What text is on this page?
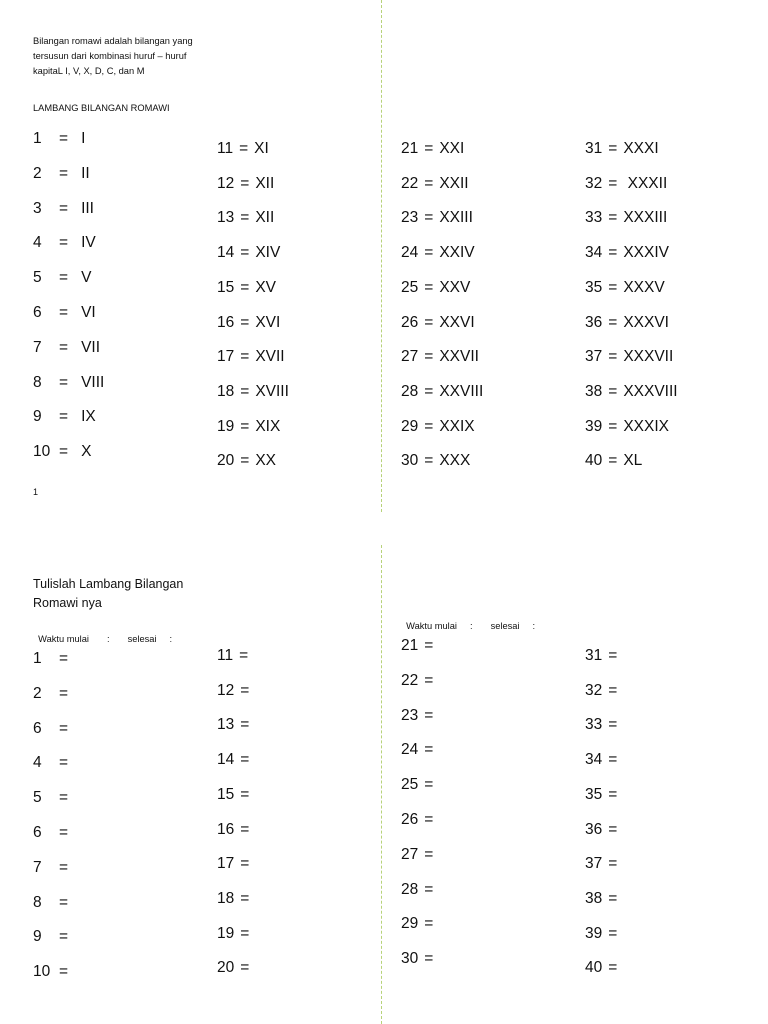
Bilangan romawi adalah bilangan yang tersusun dari kombinasi huruf – huruf kapitaL I, V, X, D, C, dan M

LAMBANG BILANGAN ROMAWI

1 = I
2 = II
3 = III
4 = IV
5 = V
6 = VI
7 = VII
8 = VIII
9 = IX
10 = X
11 = XI
12 = XII
13 = XII
14 = XIV
15 = XV
16 = XVI
17 = XVII
18 = XVIII
19 = XIX
20 = XX
21 = XXI
22 = XXII
23 = XXIII
24 = XXIV
25 = XXV
26 = XXVI
27 = XXVII
28 = XXVIII
29 = XXIX
30 = XXX
31 = XXXI
32 = XXXII
33 = XXXIII
34 = XXXIV
35 = XXXV
36 = XXXVI
37 = XXXVII
38 = XXXVIII
39 = XXXIX
40 = XL

1

Tulislah Lambang Bilangan Romawi nya

Waktu mulai : selesai :

Waktu mulai : selesai :

1 =
2 =
6 =
4 =
5 =
6 =
7 =
8 =
9 =
10 =
11 =
12 =
13 =
14 =
15 =
16 =
17 =
18 =
19 =
20 =
21 =
22 =
23 =
24 =
25 =
26 =
27 =
28 =
29 =
30 =
31 =
32 =
33 =
34 =
35 =
36 =
37 =
38 =
39 =
40 =
